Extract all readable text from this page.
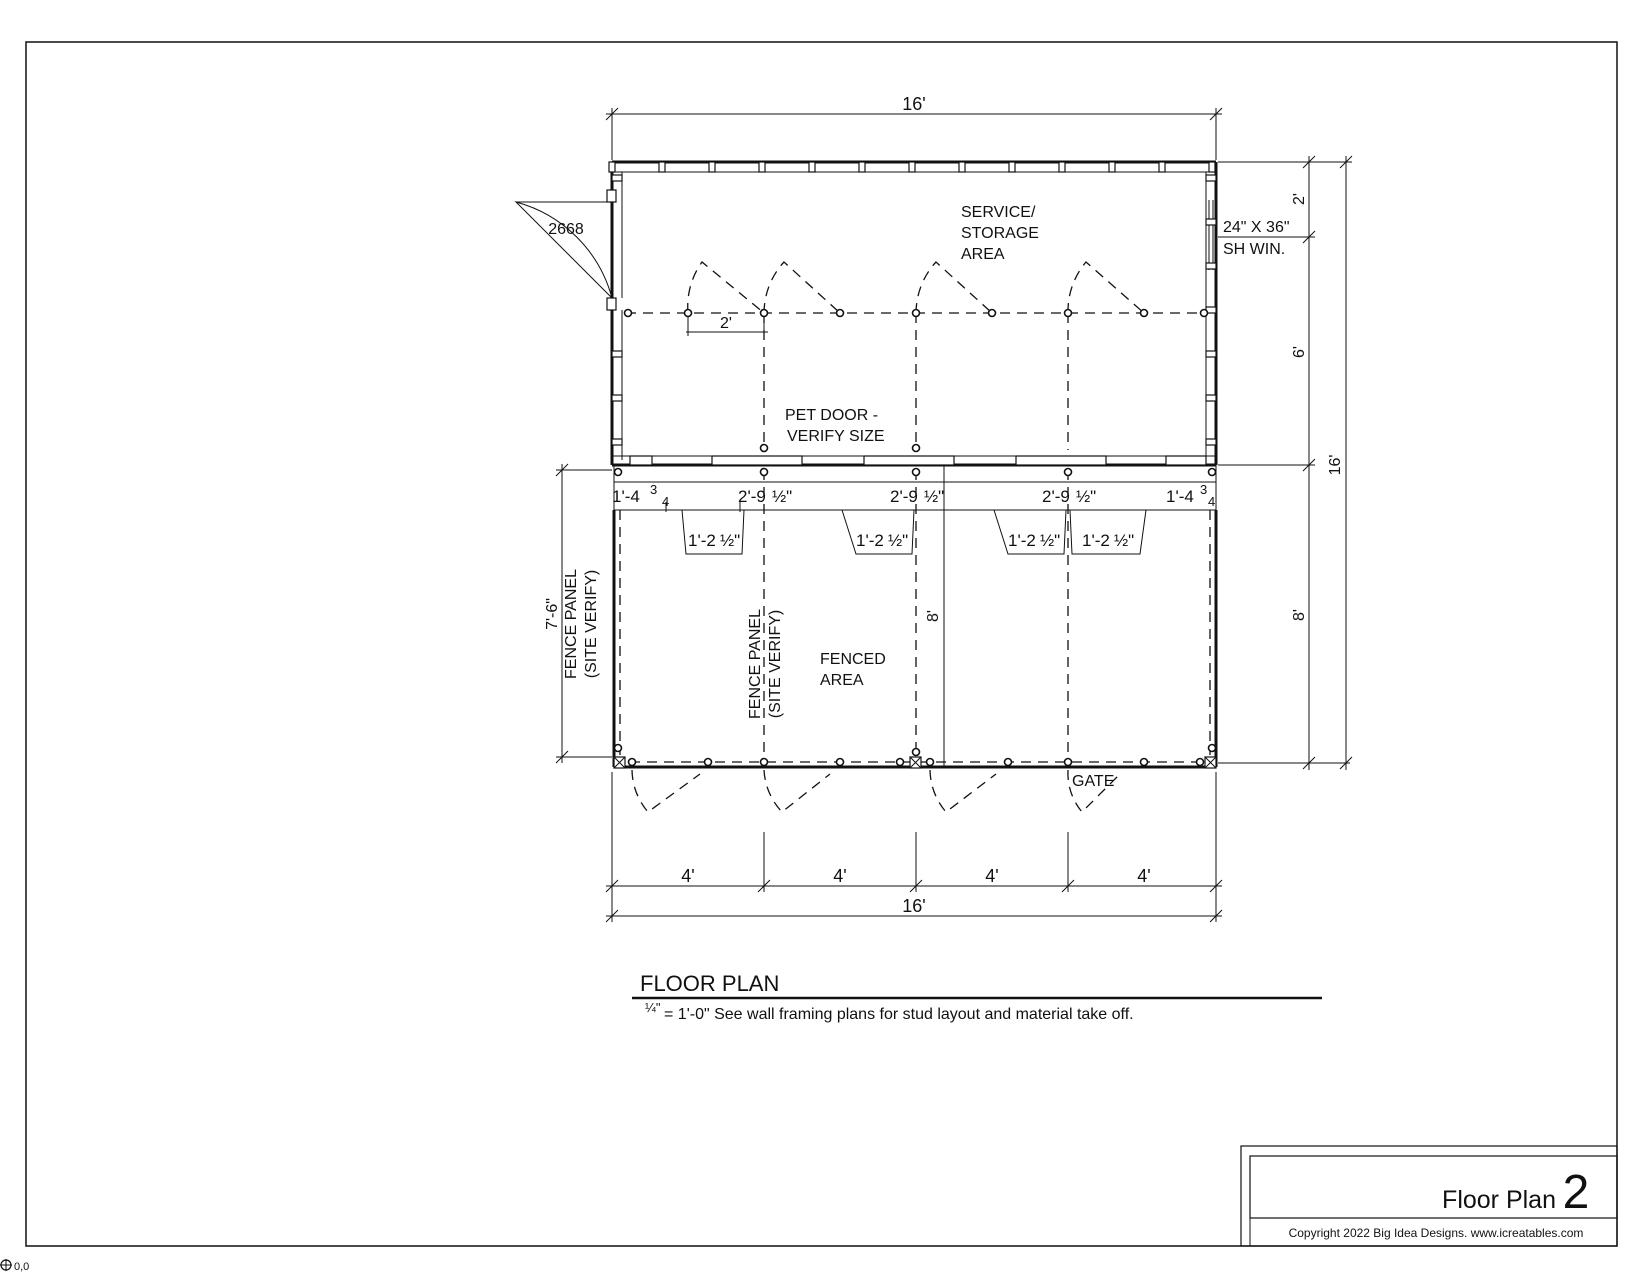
16'
2668
SERVICE/
STORAGE
AREA
24" X 36"
SH WIN.
2'
6'
8'
16'
2'
PET DOOR -
VERIFY SIZE
1'-4 3
4	2'-9 ½"	2'-9 ½"	2'-9 ½"	1'-4 3
4
1'-2 ½"	1'-2 ½"	1'-2 ½" 1'-2 ½"
7'-6" FENCE PANEL (SITE VERIFY)	FENCE PANEL (SITE VERIFY) FENCED
AREA
8'
GATE
4'	4'	4'	4'
16'
FLOOR PLAN
¼" = 1'-0" See wall framing plans for stud layout and material take off.
Floor Plan 2
Copyright 2022 Big Idea Designs. www.icreatables.com
0,0
